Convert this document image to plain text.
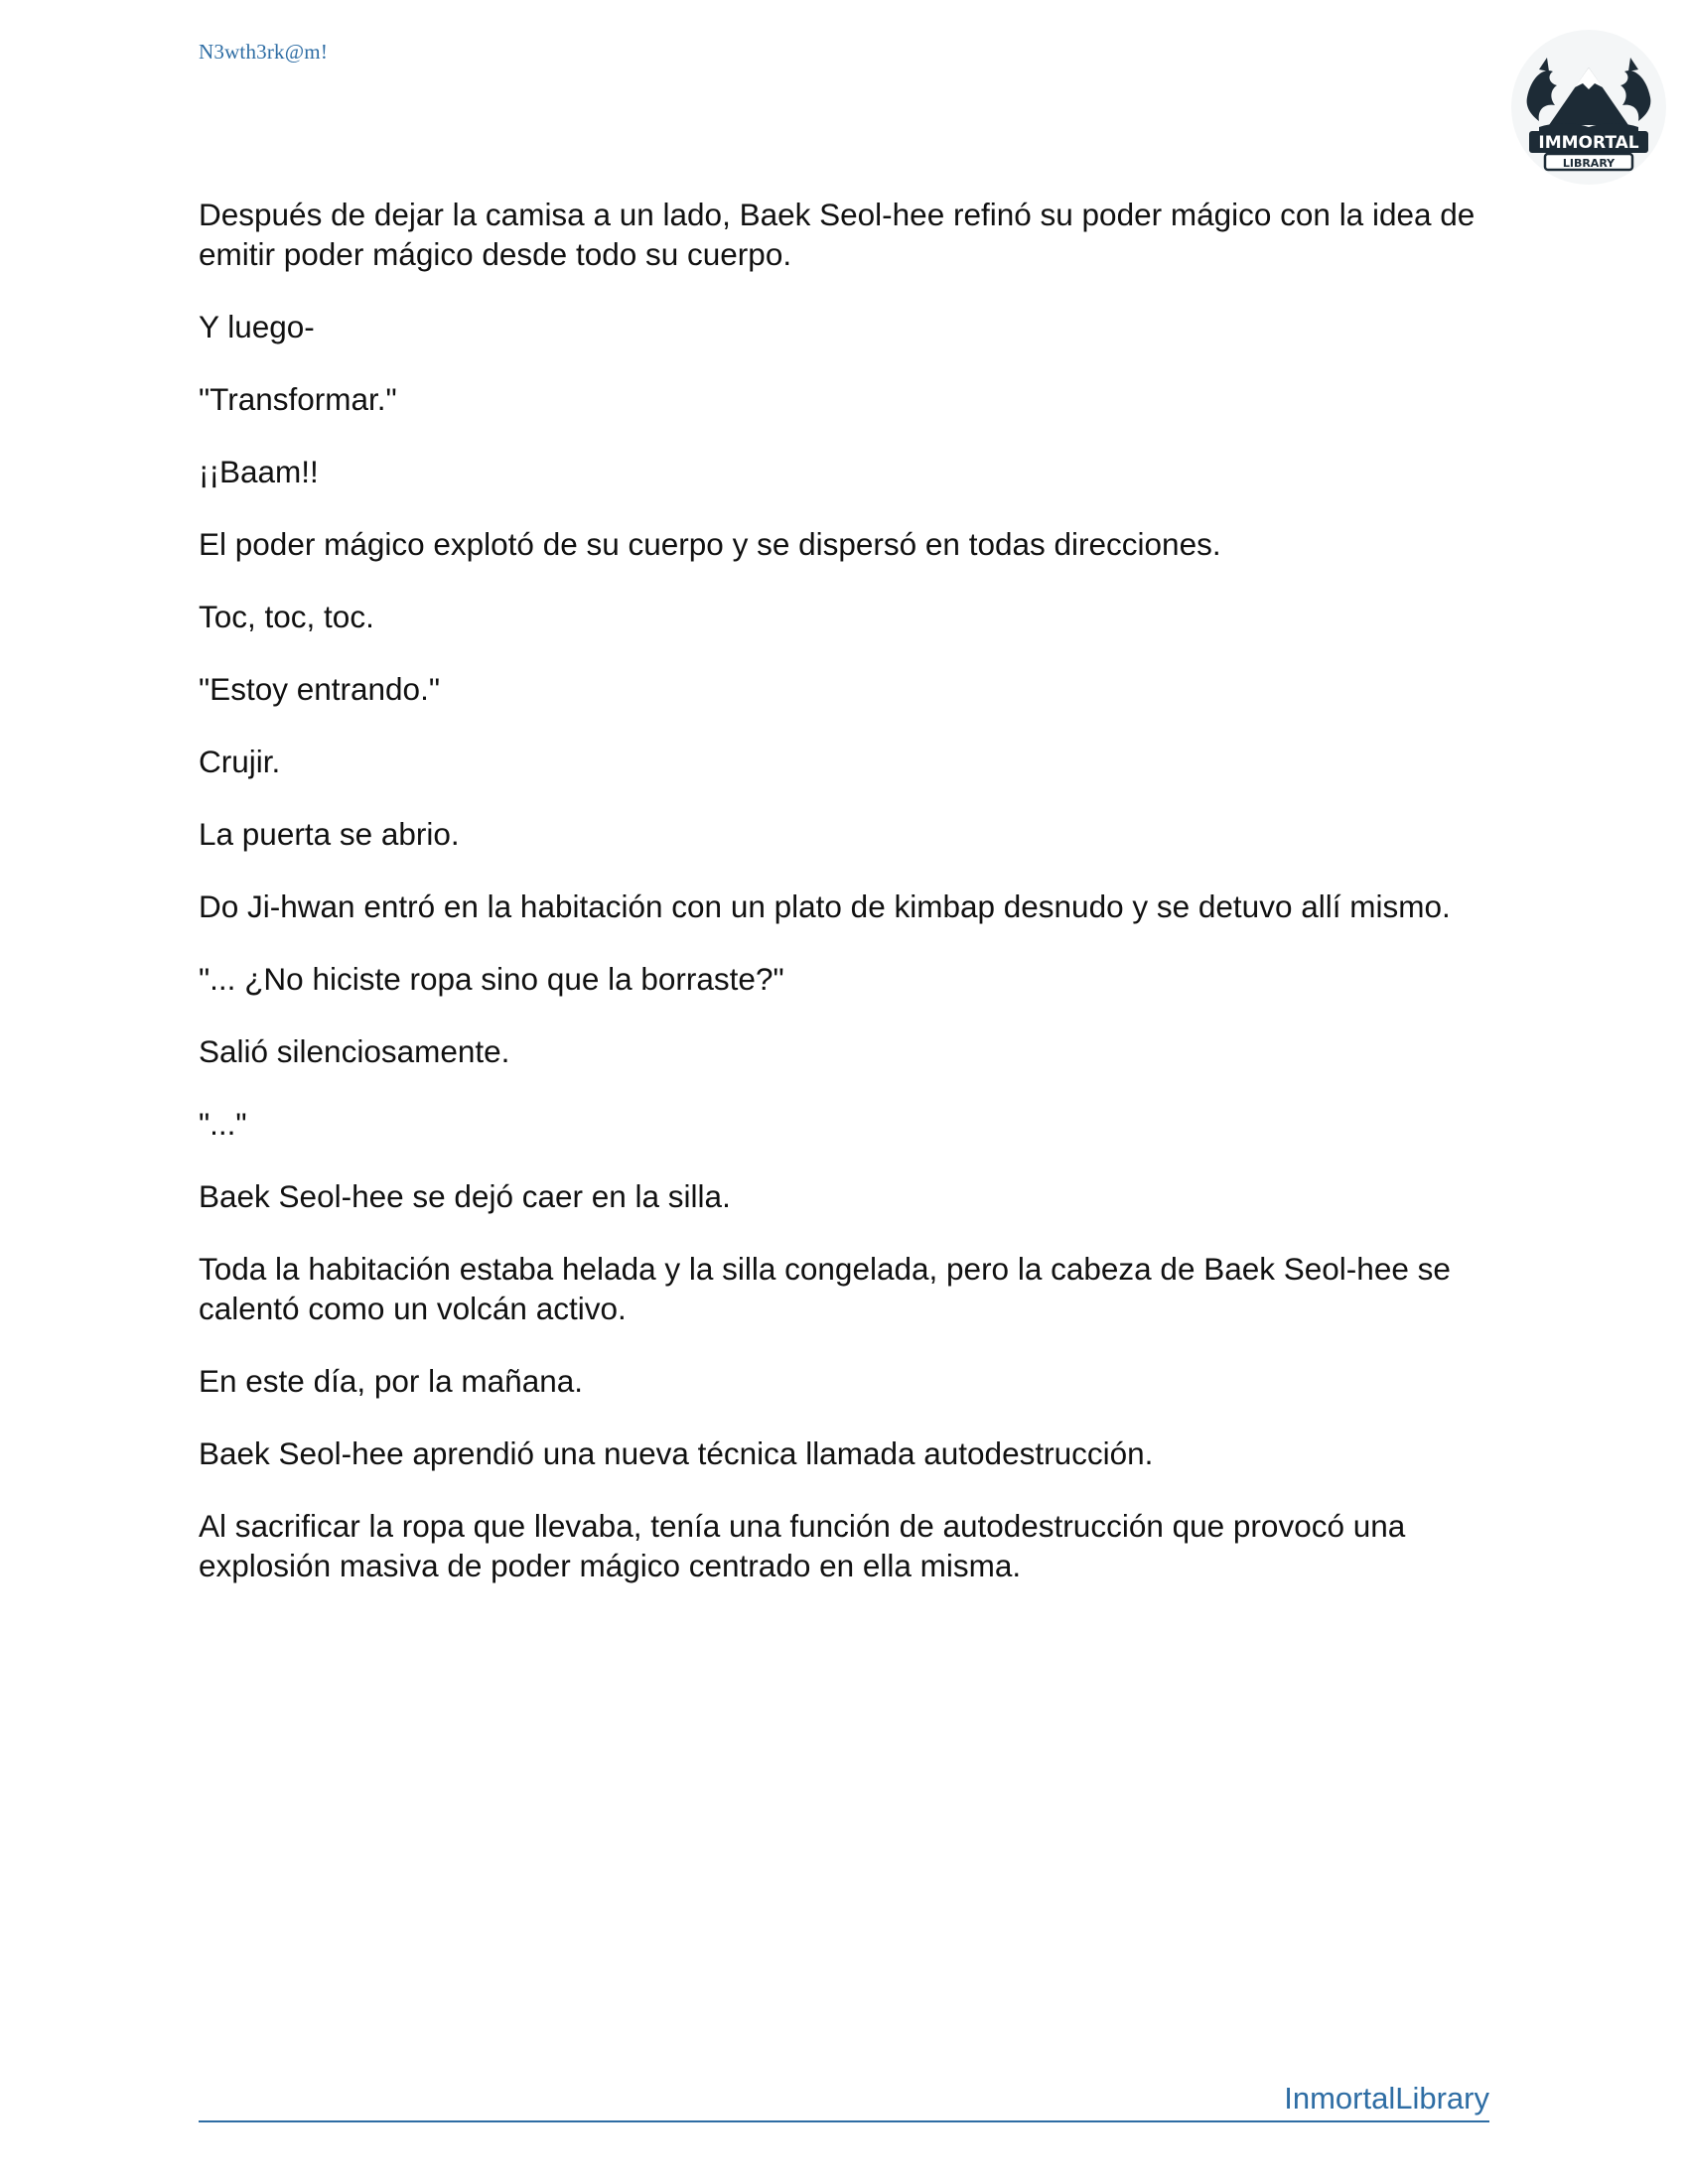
N3wth3rk@m!
IMMORTAL
LIBRARY

Después de dejar la camisa a un lado, Baek Seol-hee refinó su poder mágico con la idea de emitir poder mágico desde todo su cuerpo.

Y luego-

"Transformar."

¡¡Baam!!

El poder mágico explotó de su cuerpo y se dispersó en todas direcciones.

Toc, toc, toc.

"Estoy entrando."

Crujir.

La puerta se abrio.

Do Ji-hwan entró en la habitación con un plato de kimbap desnudo y se detuvo allí mismo.

"... ¿No hiciste ropa sino que la borraste?"

Salió silenciosamente.

"..."

Baek Seol-hee se dejó caer en la silla.

Toda la habitación estaba helada y la silla congelada, pero la cabeza de Baek Seol-hee se calentó como un volcán activo.

En este día, por la mañana.

Baek Seol-hee aprendió una nueva técnica llamada autodestrucción.

Al sacrificar la ropa que llevaba, tenía una función de autodestrucción que provocó una explosión masiva de poder mágico centrado en ella misma.

InmortalLibrary
